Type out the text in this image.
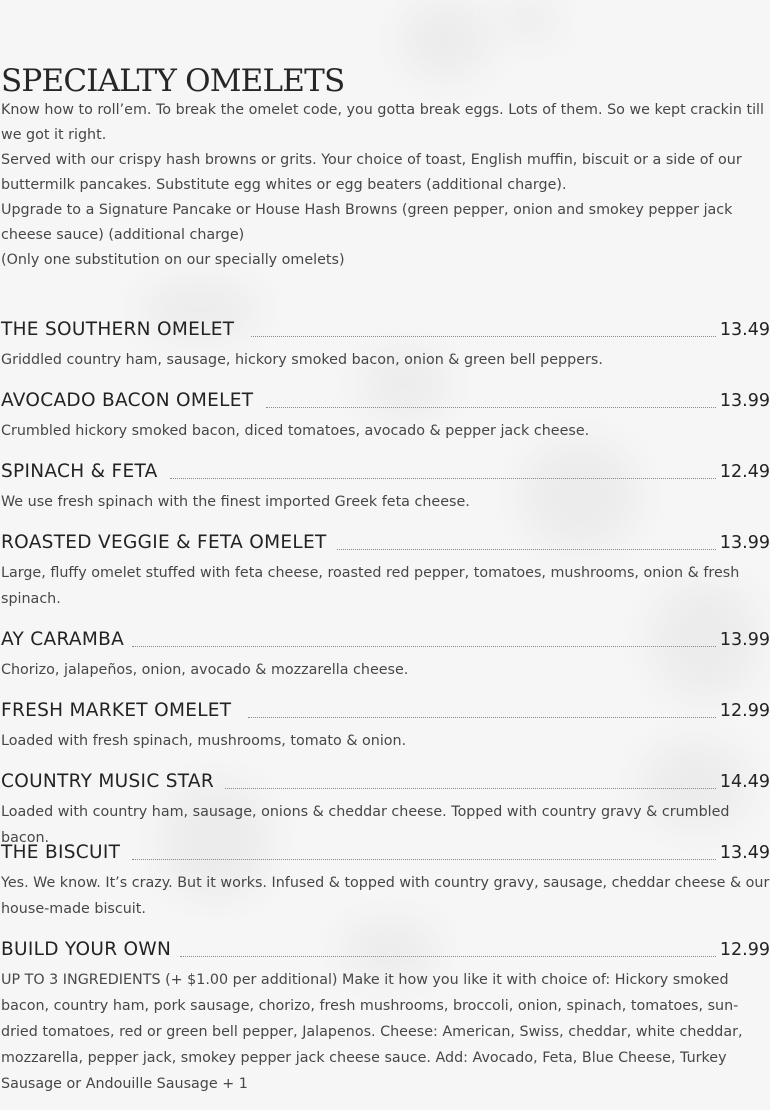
SPECIALTY OMELETS

Know how to roll’em. To break the omelet code, you gotta break eggs. Lots of them. So we kept crackin till we got it right.

Served with our crispy hash browns or grits. Your choice of toast, English muffin, biscuit or a side of our buttermilk pancakes. Substitute egg whites or egg beaters (additional charge).

Upgrade to a Signature Pancake or House Hash Browns (green pepper, onion and smokey pepper jack cheese sauce) (additional charge)

(Only one substitution on our specially omelets)

THE SOUTHERN OMELET	13.49

Griddled country ham, sausage, hickory smoked bacon, onion & green bell peppers.

AVOCADO BACON OMELET	13.99

Crumbled hickory smoked bacon, diced tomatoes, avocado & pepper jack cheese.

SPINACH & FETA	12.49

We use fresh spinach with the finest imported Greek feta cheese.

ROASTED VEGGIE & FETA OMELET	13.99

Large, fluffy omelet stuffed with feta cheese, roasted red pepper, tomatoes, mushrooms, onion & fresh spinach.

AY CARAMBA	13.99

Chorizo, jalapeños, onion, avocado & mozzarella cheese.

FRESH MARKET OMELET	12.99

Loaded with fresh spinach, mushrooms, tomato & onion.

COUNTRY MUSIC STAR	14.49

Loaded with country ham, sausage, onions & cheddar cheese. Topped with country gravy & crumbled bacon.

THE BISCUIT	13.49

Yes. We know. It’s crazy. But it works. Infused & topped with country gravy, sausage, cheddar cheese & our house-made biscuit.

BUILD YOUR OWN	12.99

UP TO 3 INGREDIENTS (+ $1.00 per additional) Make it how you like it with choice of: Hickory smoked bacon, country ham, pork sausage, chorizo, fresh mushrooms, broccoli, onion, spinach, tomatoes, sun-dried tomatoes, red or green bell pepper, Jalapenos. Cheese: American, Swiss, cheddar, white cheddar, mozzarella, pepper jack, smokey pepper jack cheese sauce. Add: Avocado, Feta, Blue Cheese, Turkey Sausage or Andouille Sausage + 1
